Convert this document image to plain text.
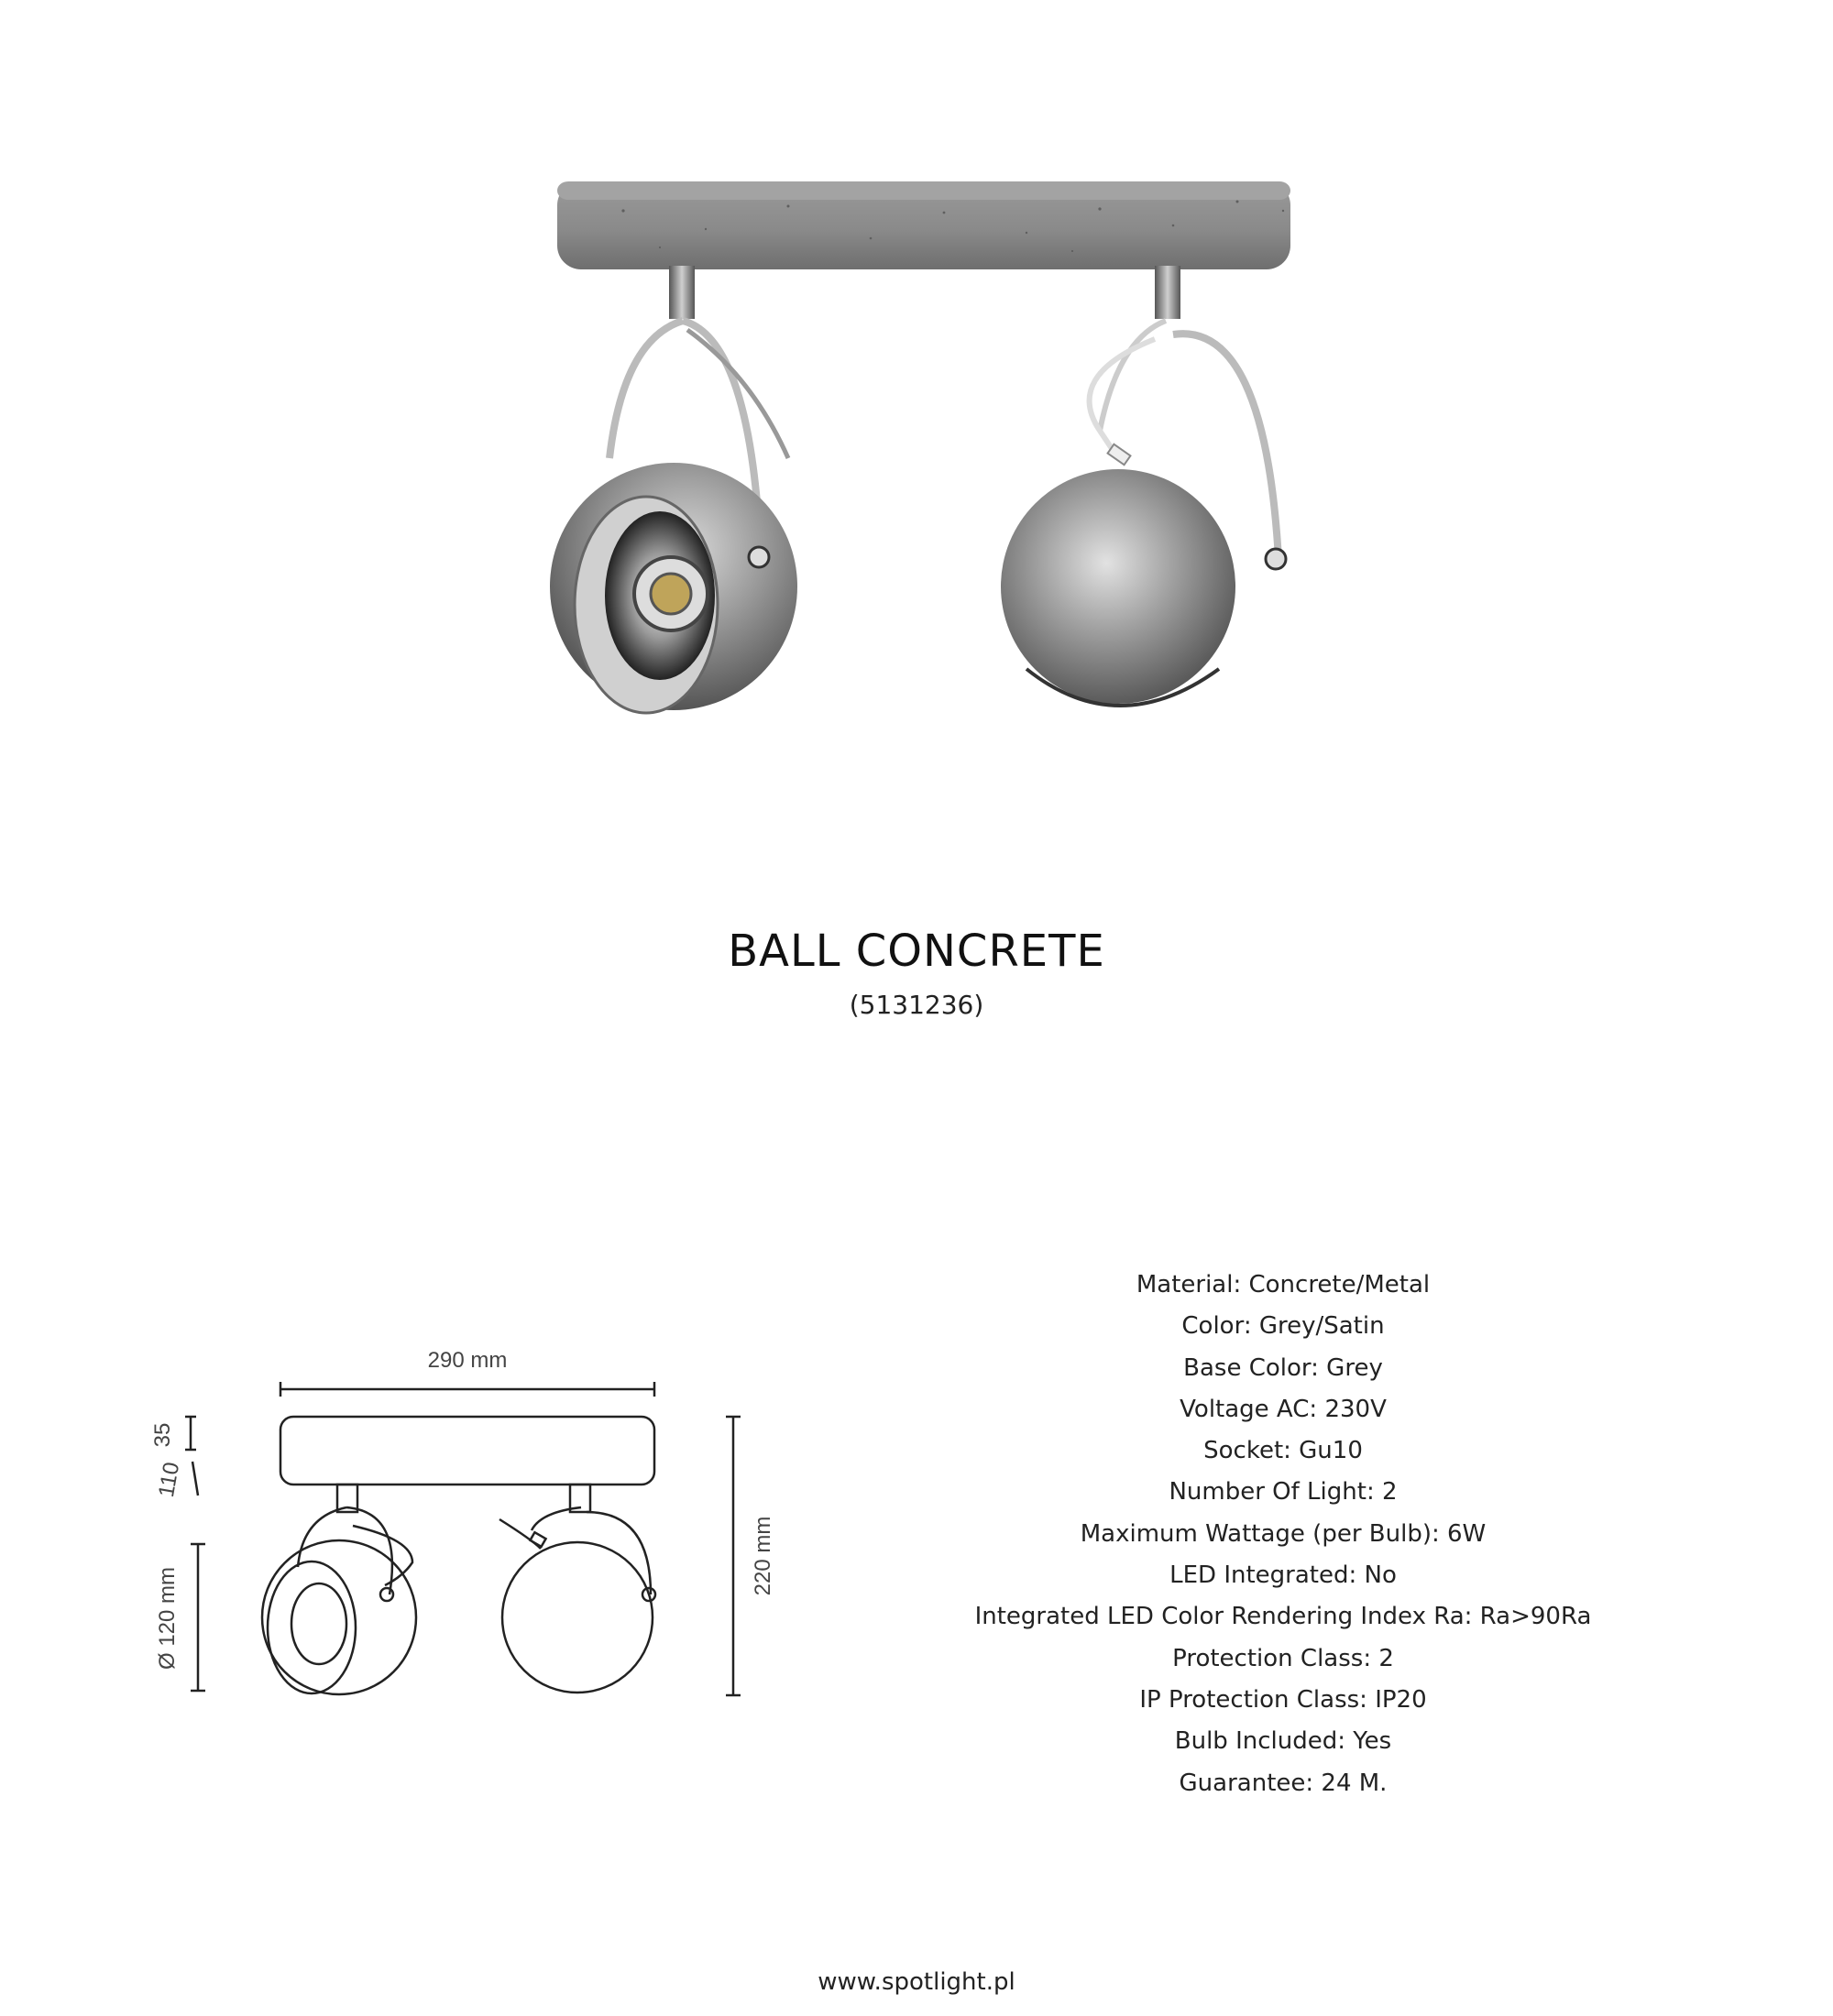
BALL CONCRETE
(5131236)
290 mm
220 mm
35
110
Ø 120 mm
Material: Concrete/Metal
Color: Grey/Satin
Base Color: Grey
Voltage AC: 230V
Socket: Gu10
Number Of Light: 2
Maximum Wattage (per Bulb): 6W
LED Integrated: No
Integrated LED Color Rendering Index Ra: Ra>90Ra
Protection Class: 2
IP Protection Class: IP20
Bulb Included: Yes
Guarantee: 24 M.
www.spotlight.pl
